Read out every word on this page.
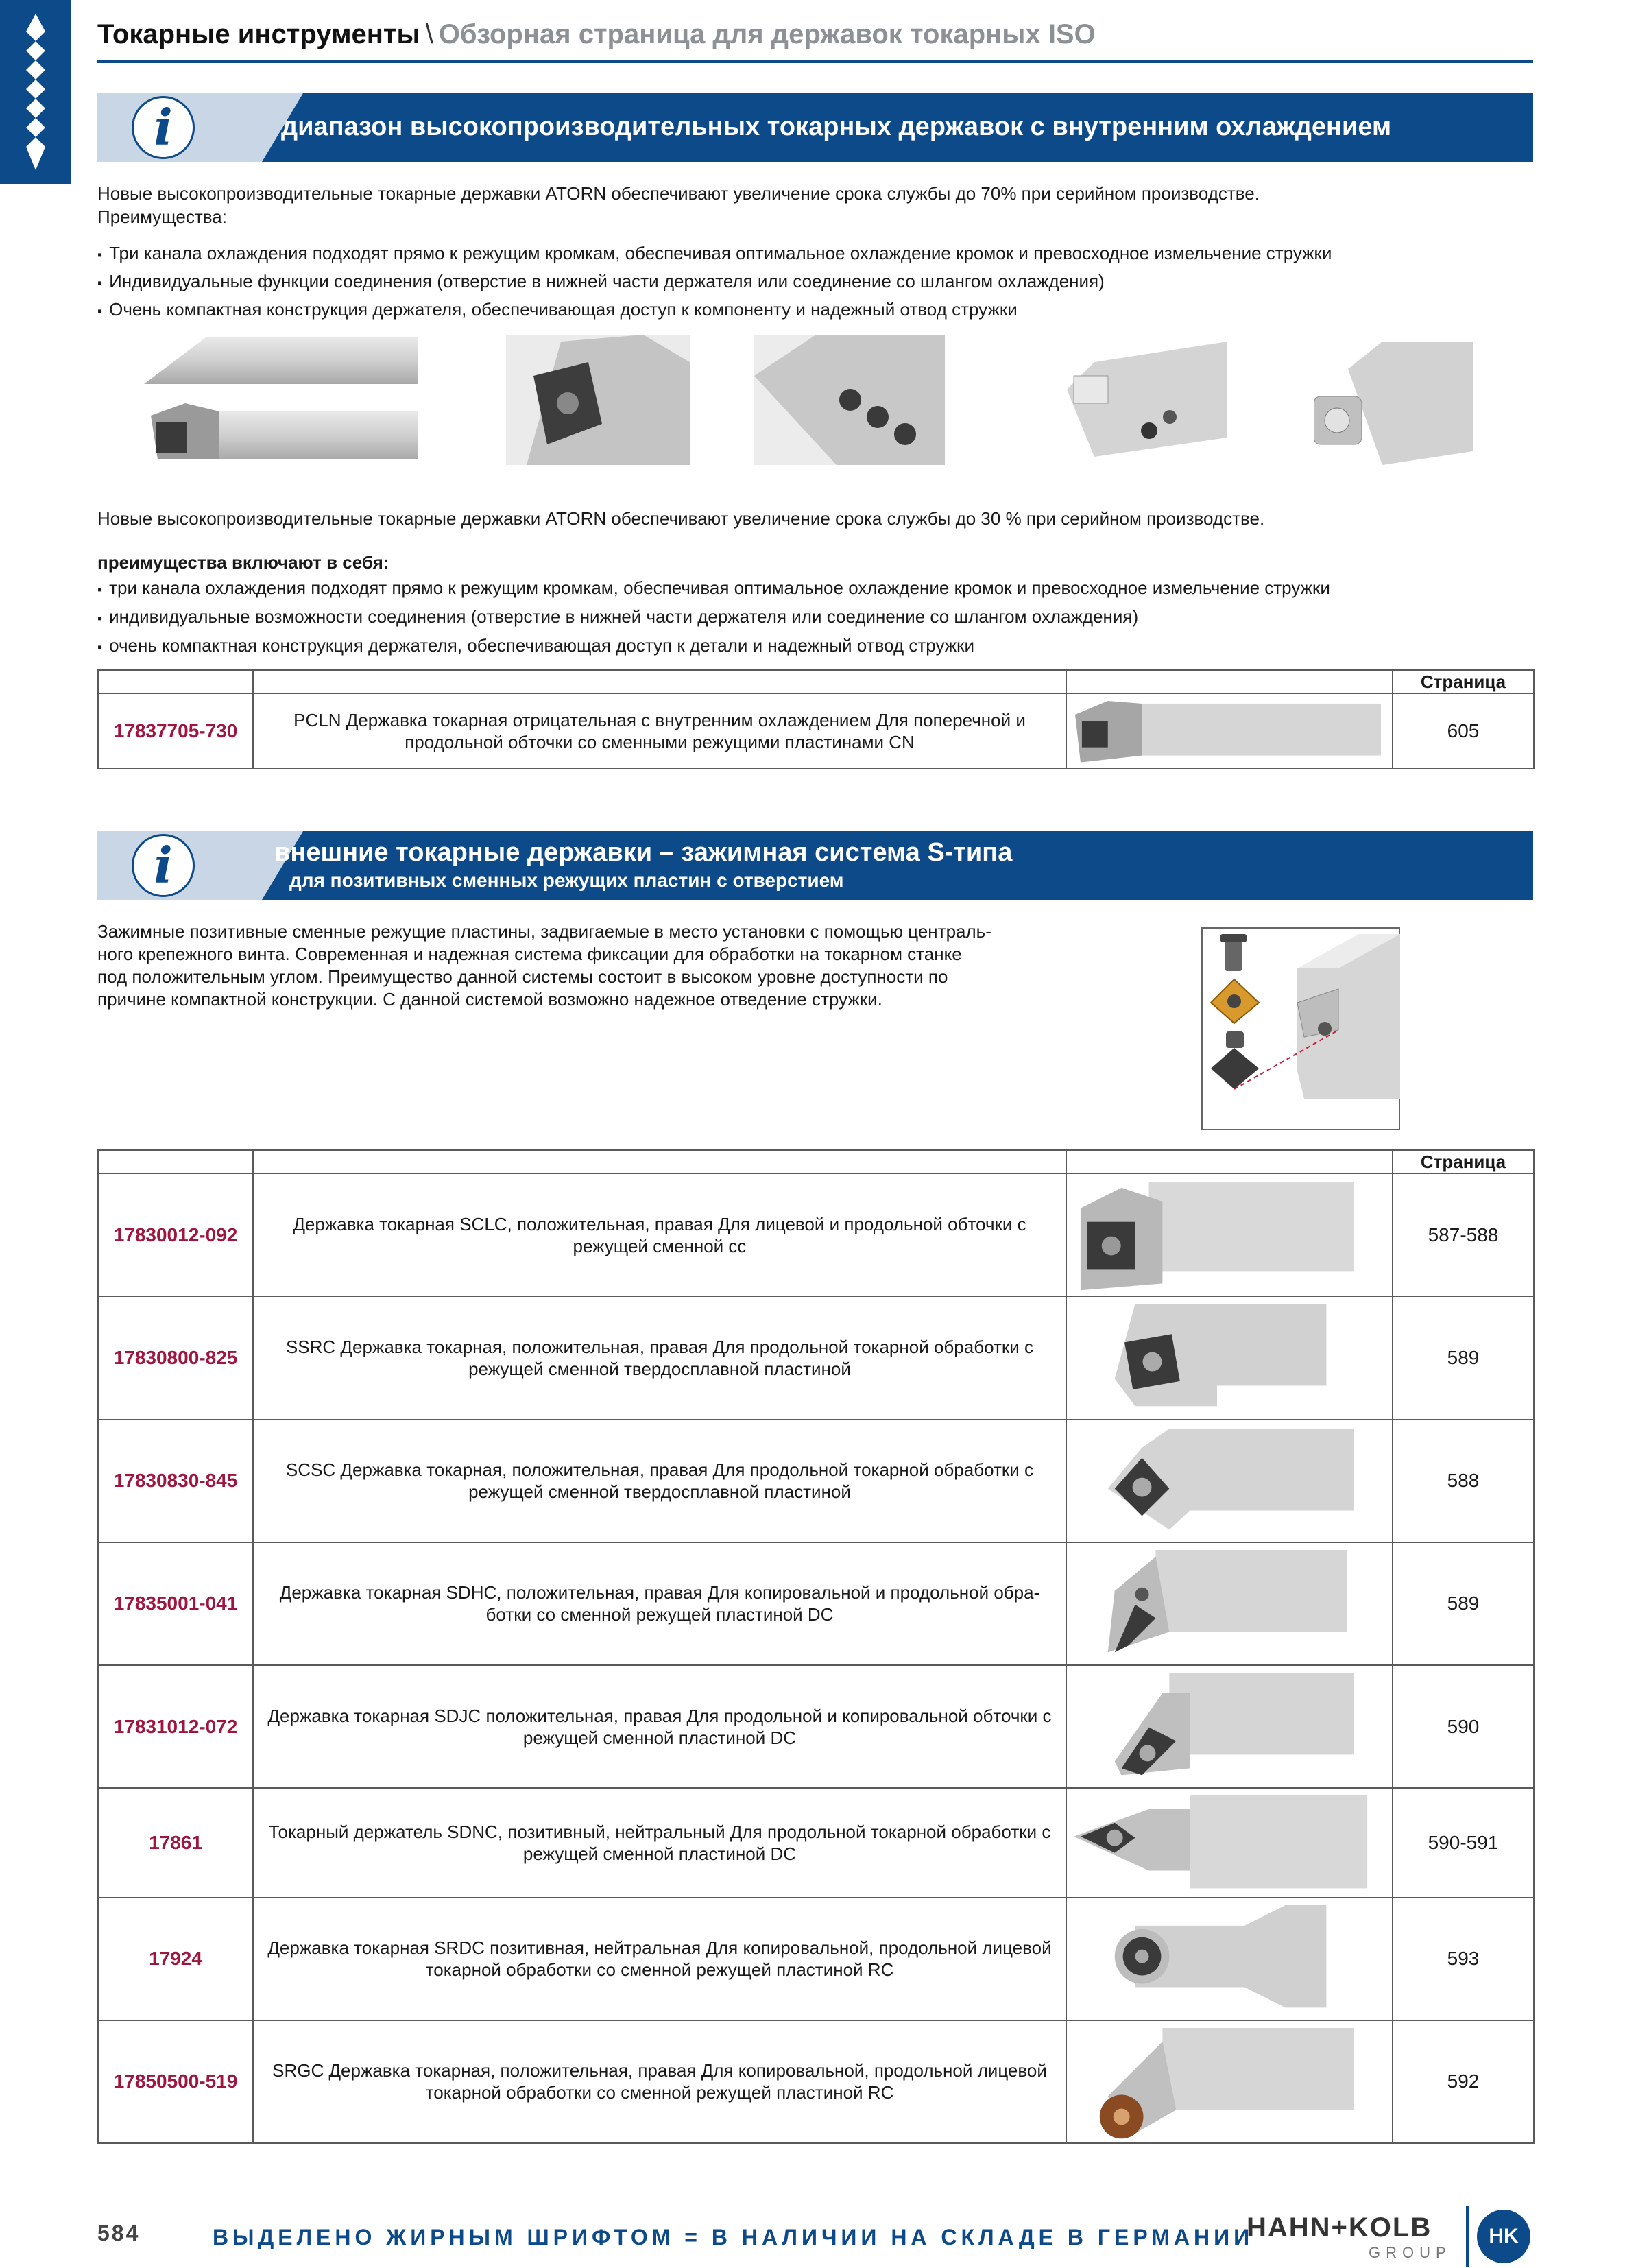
Токарные инструменты \ Обзорная страница для державок токарных ISO
i	диапазон высокопроизводительных токарных державок с внутренним охлаждением
Новые высокопроизводительные токарные державки ATORN обеспечивают увеличение срока службы до 70% при серийном производстве.
Преимущества:
▪ Три канала охлаждения подходят прямо к режущим кромкам, обеспечивая оптимальное охлаждение кромок и превосходное измельчение стружки
▪ Индивидуальные функции соединения (отверстие в нижней части держателя или соединение со шлангом охлаждения)
▪ Очень компактная конструкция держателя, обеспечивающая доступ к компоненту и надежный отвод стружки
Новые высокопроизводительные токарные державки ATORN обеспечивают увеличение срока службы до 30 % при серийном производстве.
преимущества включают в себя:
▪ три канала охлаждения подходят прямо к режущим кромкам, обеспечивая оптимальное охлаждение кромок и превосходное измельчение стружки
▪ индивидуальные возможности соединения (отверстие в нижней части держателя или соединение со шлангом охлаждения)
▪ очень компактная конструкция держателя, обеспечивающая доступ к детали и надежный отвод стружки
			Страница
17837705-730	PCLN Державка токарная отрицательная с внутренним охлаждением Для поперечной и продольной обточки со сменными режущими пластинами CN		605
i	внешние токарные державки – зажимная система S-типа
для позитивных сменных режущих пластин с отверстием
Зажимные позитивные сменные режущие пластины, задвигаемые в место установки с помощью централь-
ного крепежного винта. Современная и надежная система фиксации для обработки на токарном станке
под положительным углом. Преимущество данной системы состоит в высоком уровне доступности по
причине компактной конструкции. С данной системой возможно надежное отведение стружки.
			Страница
17830012-092	Державка токарная SCLC, положительная, правая Для лицевой и продольной обточки с режущей сменной сс		587-588
17830800-825	SSRC Державка токарная, положительная, правая Для продольной токарной обработки с режущей сменной твердосплавной пластиной		589
17830830-845	SCSC Державка токарная, положительная, правая Для продольной токарной обработки с режущей сменной твердосплавной пластиной		588
17835001-041	Державка токарная SDHC, положительная, правая Для копировальной и продольной обработки со сменной режущей пластиной DC		589
17831012-072	Державка токарная SDJC положительная, правая Для продольной и копировальной обточки с режущей сменной пластиной DC		590
17861	Токарный держатель SDNC, позитивный, нейтральный Для продольной токарной обработки с режущей сменной пластиной DC		590-591
17924	Державка токарная SRDC позитивная, нейтральная Для копировальной, продольной лицевой токарной обработки со сменной режущей пластиной RC		593
17850500-519	SRGC Державка токарная, положительная, правая Для копировальной, продольной лицевой токарной обработки со сменной режущей пластиной RC		592
584	ВЫДЕЛЕНО ЖИРНЫМ ШРИФТОМ = В НАЛИЧИИ НА СКЛАДЕ В ГЕРМАНИИ
HAHN+KOLB
GROUP
HK
